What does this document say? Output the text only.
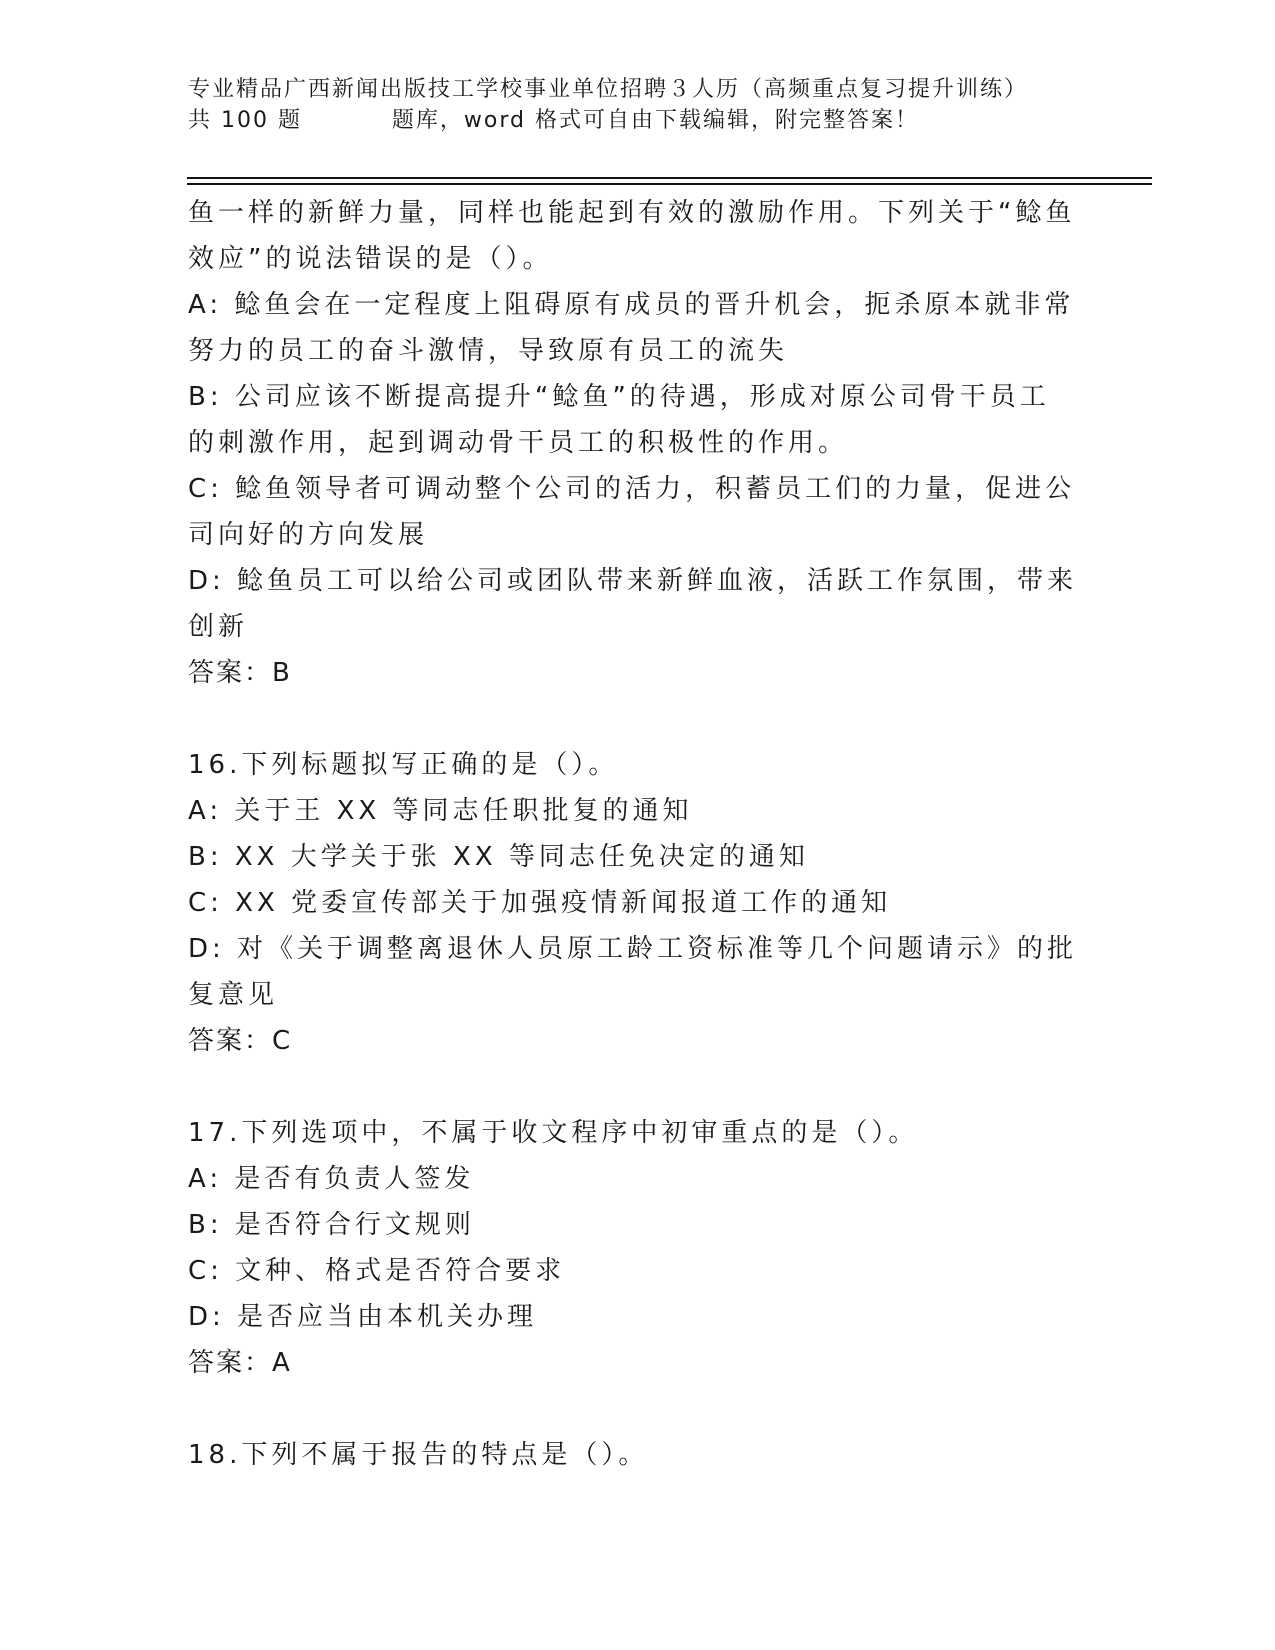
专业精品广西新闻出版技工学校事业单位招聘３人历（高频重点复习提升训练）
共 100 题          题库，word 格式可自由下载编辑，附完整答案！

鱼一样的新鲜力量，同样也能起到有效的激励作用。下列关于“鲶鱼效应”的说法错误的是（）。

A: 鲶鱼会在一定程度上阻碍原有成员的晋升机会，扼杀原本就非常努力的员工的奋斗激情，导致原有员工的流失

B: 公司应该不断提高提升“鲶鱼”的待遇，形成对原公司骨干员工的刺激作用，起到调动骨干员工的积极性的作用。

C: 鲶鱼领导者可调动整个公司的活力，积蓄员工们的力量，促进公司向好的方向发展

D: 鲶鱼员工可以给公司或团队带来新鲜血液，活跃工作氛围，带来创新

答案：B

16.下列标题拟写正确的是（）。

A: 关于王 XX 等同志任职批复的通知

B: XX 大学关于张 XX 等同志任免决定的通知

C: XX 党委宣传部关于加强疫情新闻报道工作的通知

D: 对《关于调整离退休人员原工龄工资标准等几个问题请示》的批复意见

答案：C

17.下列选项中，不属于收文程序中初审重点的是（）。

A: 是否有负责人签发

B: 是否符合行文规则

C: 文种、格式是否符合要求

D: 是否应当由本机关办理

答案：A

18.下列不属于报告的特点是（）。
